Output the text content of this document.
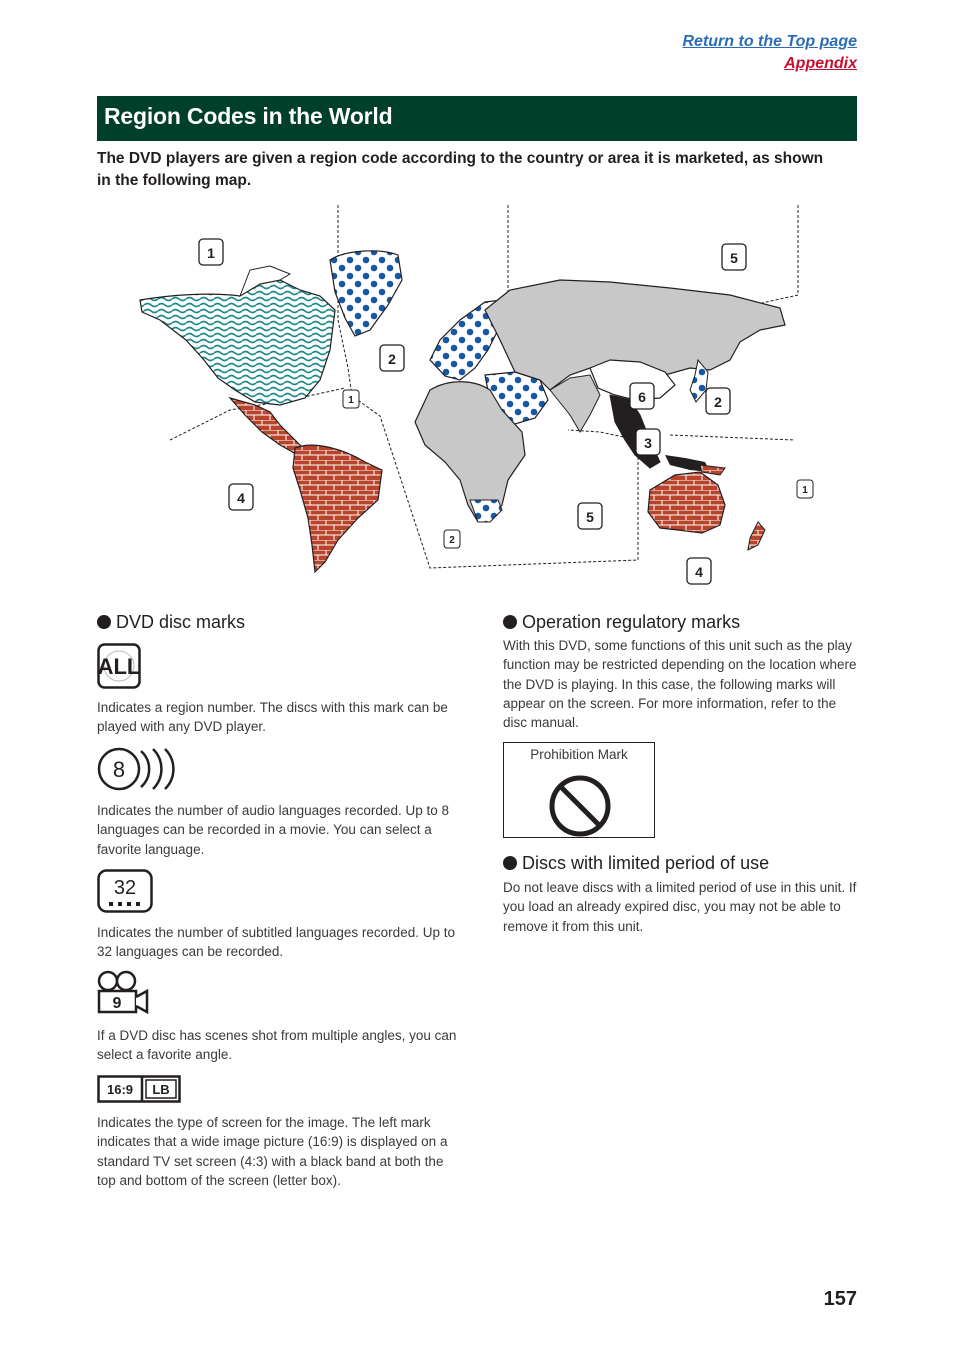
Return to the Top page
Appendix
Region Codes in the World

The DVD players are given a region code according to the country or area it is marketed, as shown in the following map.

1	5
2
1	6	2
3
4	1
5
2
4
DVD disc marks
ALL

Indicates a region number. The discs with this mark can be played with any DVD player.

8

Indicates the number of audio languages recorded. Up to 8 languages can be recorded in a movie. You can select a favorite language.

32

Indicates the number of subtitled languages recorded. Up to 32 languages can be recorded.

9

If a DVD disc has scenes shot from multiple angles, you can select a favorite angle.

16:9 LB

Indicates the type of screen for the image. The left mark indicates that a wide image picture (16:9) is displayed on a standard TV set screen (4:3) with a black band at both the top and bottom of the screen (letter box).

Operation regulatory marks

With this DVD, some functions of this unit such as the play function may be restricted depending on the location where the DVD is playing. In this case, the following marks will appear on the screen. For more information, refer to the disc manual.

Prohibition Mark
Discs with limited period of use

Do not leave discs with a limited period of use in this unit. If you load an already expired disc, you may not be able to remove it from this unit.

157
